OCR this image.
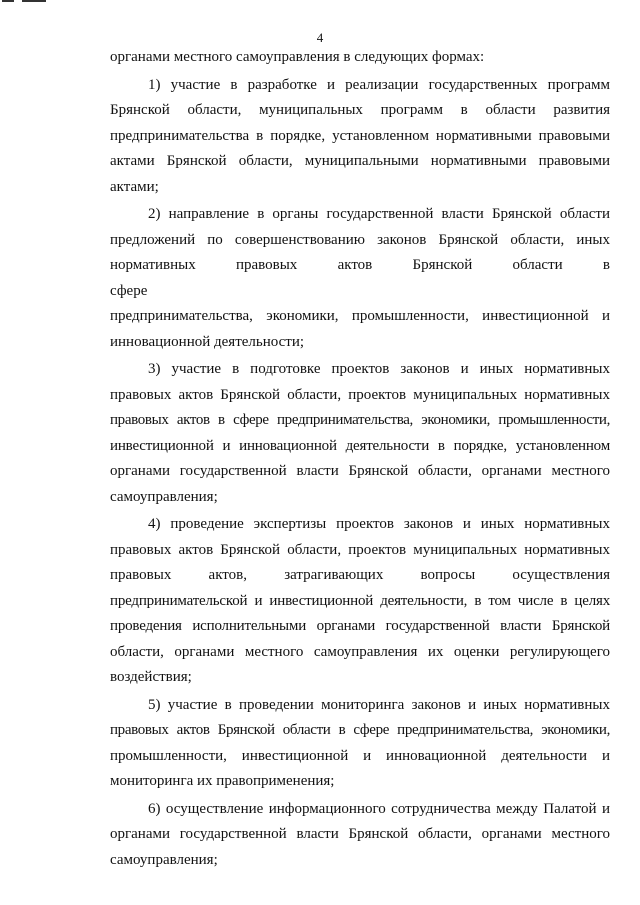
4

органами местного самоуправления в следующих формах:

1) участие в разработке и реализации государственных программ
Брянской области, муниципальных программ в области развития
предпринимательства в порядке, установленном нормативными правовыми
актами Брянской области, муниципальными нормативными правовыми
актами;

2) направление в органы государственной власти Брянской области
предложений по совершенствованию законов Брянской области, иных
нормативных правовых актов Брянской области в сфере
предпринимательства, экономики, промышленности, инвестиционной и
инновационной деятельности;

3) участие в подготовке проектов законов и иных нормативных
правовых актов Брянской области, проектов муниципальных нормативных
правовых актов в сфере предпринимательства, экономики, промышленности,
инвестиционной и инновационной деятельности в порядке, установленном
органами государственной власти Брянской области, органами местного
самоуправления;

4) проведение экспертизы проектов законов и иных нормативных
правовых актов Брянской области, проектов муниципальных нормативных
правовых актов, затрагивающих вопросы осуществления
предпринимательской и инвестиционной деятельности, в том числе в целях
проведения исполнительными органами государственной власти Брянской
области, органами местного самоуправления их оценки регулирующего
воздействия;

5) участие в проведении мониторинга законов и иных нормативных
правовых актов Брянской области в сфере предпринимательства, экономики,
промышленности, инвестиционной и инновационной деятельности и
мониторинга их правоприменения;

6) осуществление информационного сотрудничества между Палатой и
органами государственной власти Брянской области, органами местного
самоуправления;
